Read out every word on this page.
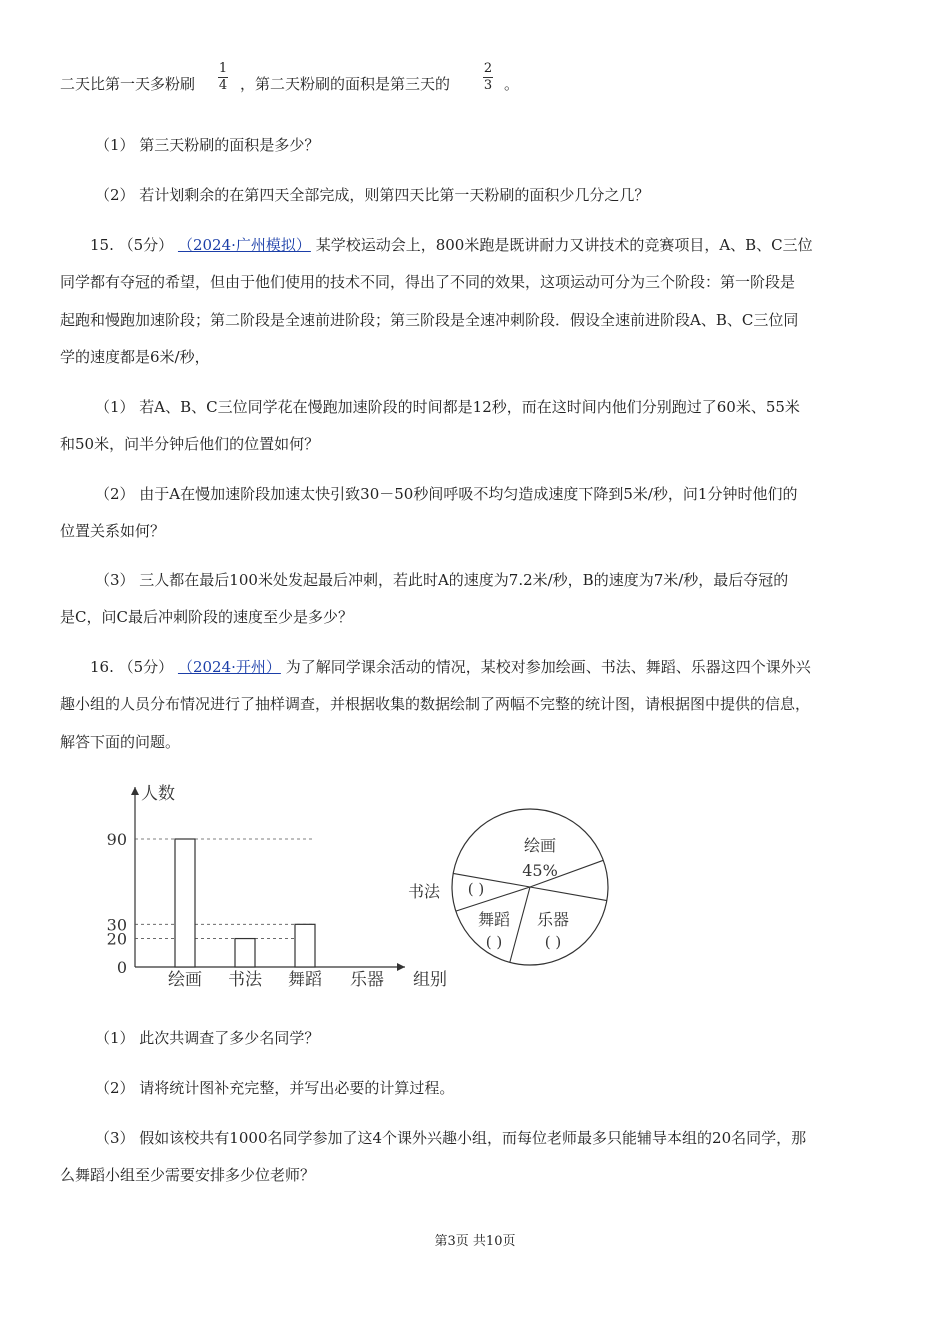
二天比第一天多粉刷
1
4 ，第二天粉刷的面积是第三天的
2
3 。
（1） 第三天粉刷的面积是多少？
（2） 若计划剩余的在第四天全部完成，则第四天比第一天粉刷的面积少几分之几？
15. （5分） （2024·广州模拟） 某学校运动会上，800米跑是既讲耐力又讲技术的竞赛项目，A、B、C三位
同学都有夺冠的希望，但由于他们使用的技术不同，得出了不同的效果，这项运动可分为三个阶段：第一阶段是
起跑和慢跑加速阶段；第二阶段是全速前进阶段；第三阶段是全速冲刺阶段．假设全速前进阶段A、B、C三位同
学的速度都是6米/秒，
（1） 若A、B、C三位同学花在慢跑加速阶段的时间都是12秒，而在这时间内他们分别跑过了60米、55米
和50米，问半分钟后他们的位置如何？
（2） 由于A在慢加速阶段加速太快引致30－50秒间呼吸不均匀造成速度下降到5米/秒，问1分钟时他们的
位置关系如何？
（3） 三人都在最后100米处发起最后冲刺，若此时A的速度为7.2米/秒，B的速度为7米/秒，最后夺冠的
是C，问C最后冲刺阶段的速度至少是多少？
16. （5分） （2024·开州） 为了解同学课余活动的情况，某校对参加绘画、书法、舞蹈、乐器这四个课外兴
趣小组的人员分布情况进行了抽样调查，并根据收集的数据绘制了两幅不完整的统计图，请根据图中提供的信息，
解答下面的问题。
人数
组别
0
20
30
90
绘画 书法 舞蹈 乐器
绘画
45%
书法 ( )
舞蹈
( )
乐器
( )
（1） 此次共调查了多少名同学？
（2） 请将统计图补充完整，并写出必要的计算过程。
（3） 假如该校共有1000名同学参加了这4个课外兴趣小组，而每位老师最多只能辅导本组的20名同学，那
么舞蹈小组至少需要安排多少位老师？
第3页 共10页
